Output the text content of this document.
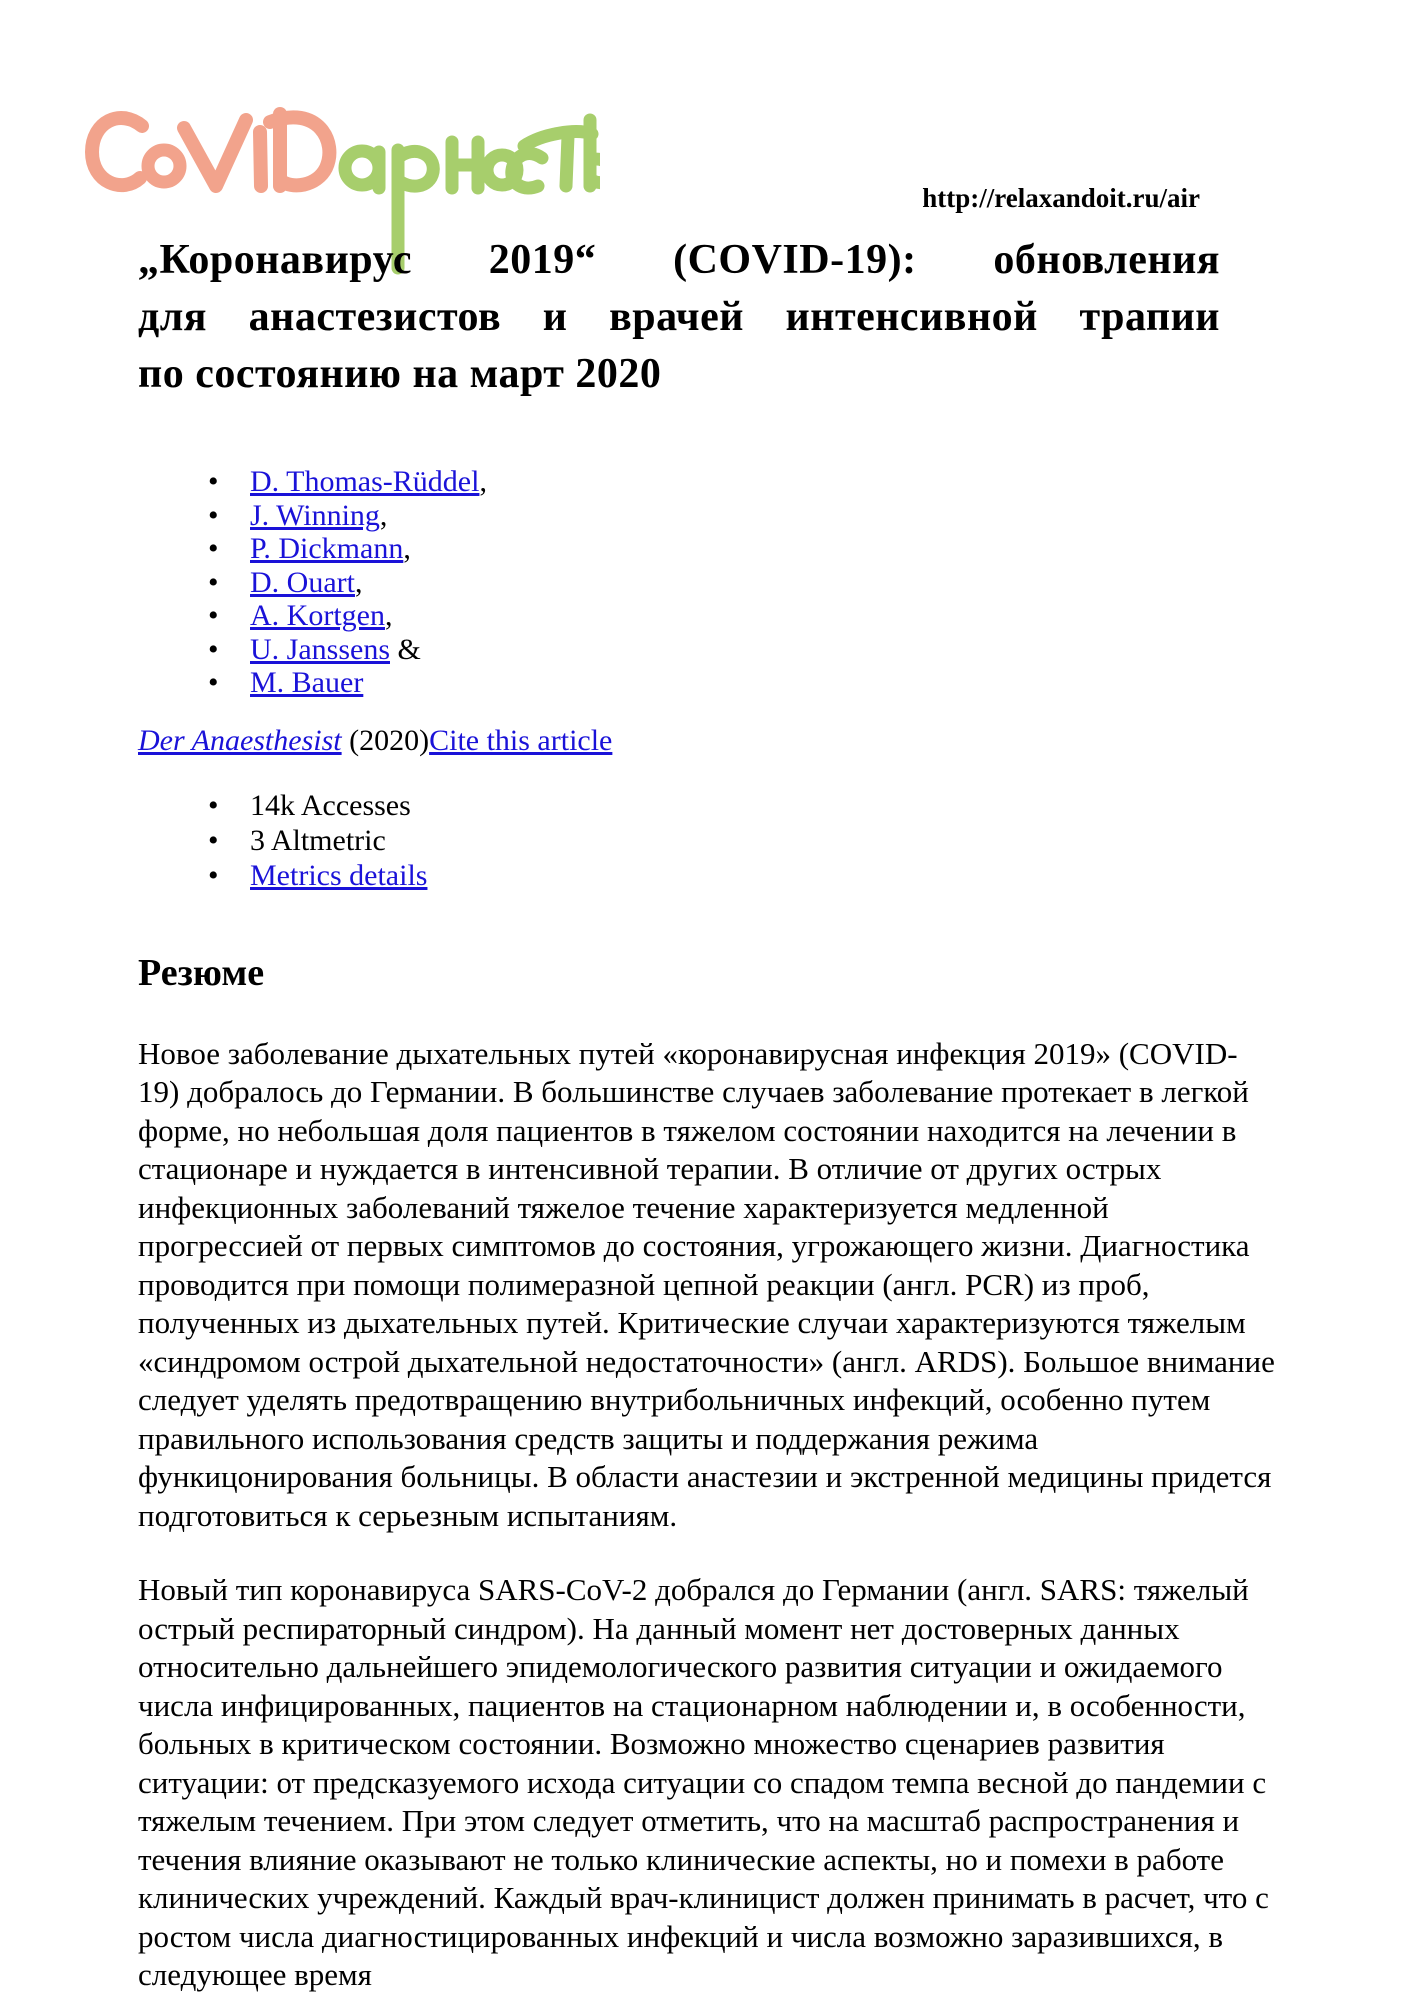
http://relaxandoit.ru/air
„Коронавирус 2019“ (COVID-19): обновления
для анастезистов и врачей интенсивной трапии
по состоянию на март 2020
• D. Thomas-Rüddel,
• J. Winning,
• P. Dickmann,
• D. Ouart,
• A. Kortgen,
• U. Janssens &
• M. Bauer
Der Anaesthesist (2020)Cite this article
• 14k Accesses
• 3 Altmetric
• Metrics details
Резюме

Новое заболевание дыхательных путей «коронавирусная инфекция 2019» (COVID-19) добралось до Германии. В большинстве случаев заболевание протекает в легкой форме, но небольшая доля пациентов в тяжелом состоянии находится на лечении в стационаре и нуждается в интенсивной терапии. В отличие от других острых инфекционных заболеваний тяжелое течение характеризуется медленной прогрессией от первых симптомов до состояния, угрожающего жизни. Диагностика проводится при помощи полимеразной цепной реакции (англ. PCR) из проб, полученных из дыхательных путей. Критические случаи характеризуются тяжелым «синдромом острой дыхательной недостаточности» (англ. ARDS). Большое внимание следует уделять предотвращению внутрибольничных инфекций, особенно путем правильного использования средств защиты и поддержания режима функицонирования больницы. В области анастезии и экстренной медицины придется подготовиться к серьезным испытаниям.

Новый тип коронавируса SARS-CoV-2 добрался до Германии (англ. SARS: тяжелый острый респираторный синдром). На данный момент нет достоверных данных относительно дальнейшего эпидемологического развития ситуации и ожидаемого числа инфицированных, пациентов на стационарном наблюдении и, в особенности, больных в критическом состоянии. Возможно множество сценариев развития ситуации: от предсказуемого исхода ситуации со спадом темпа весной до пандемии с тяжелым течением. При этом следует отметить, что на масштаб распространения и течения влияние оказывают не только клинические аспекты, но и помехи в работе клинических учреждений. Каждый врач-клиницист должен принимать в расчет, что с ростом числа диагностицированных инфекций и числа возможно заразившихся, в следующее время
